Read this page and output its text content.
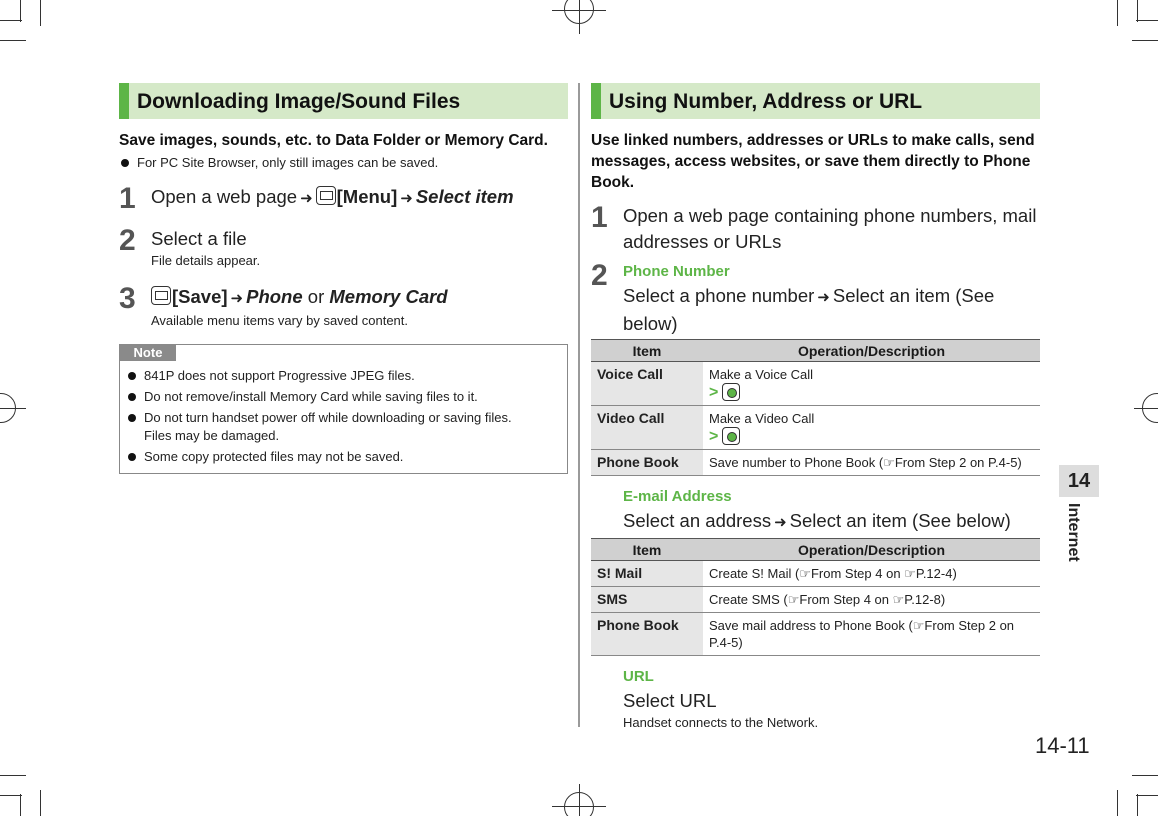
Downloading Image/Sound Files
Save images, sounds, etc. to Data Folder or Memory Card.
For PC Site Browser, only still images can be saved.
1 Open a web page ➜ [Menu] ➜ Select item
2 Select a file
File details appear.
3	[Save] ➜ Phone or Memory Card
Available menu items vary by saved content.
Note
841P does not support Progressive JPEG files.
Do not remove/install Memory Card while saving files to it.
Do not turn handset power off while downloading or saving files. Files may be damaged.
Some copy protected files may not be saved.
Using Number, Address or URL
Use linked numbers, addresses or URLs to make calls, send messages, access websites, or save them directly to Phone Book.
1 Open a web page containing phone numbers, mail addresses or URLs
2 Phone Number
Select a phone number ➜ Select an item (See below)
Item	Operation/Description
Voice Call	Make a Voice Call
>
Video Call	Make a Video Call
>
Phone Book	Save number to Phone Book (☞From Step 2 on P.4-5)
E-mail Address
Select an address ➜ Select an item (See below)
Item	Operation/Description
S! Mail	Create S! Mail (☞From Step 4 on ☞P.12-4)
SMS	Create SMS (☞From Step 4 on ☞P.12-8)
Phone Book	Save mail address to Phone Book (☞From Step 2 on P.4-5)
URL
Select URL
Handset connects to the Network.
14
Internet
14-11
